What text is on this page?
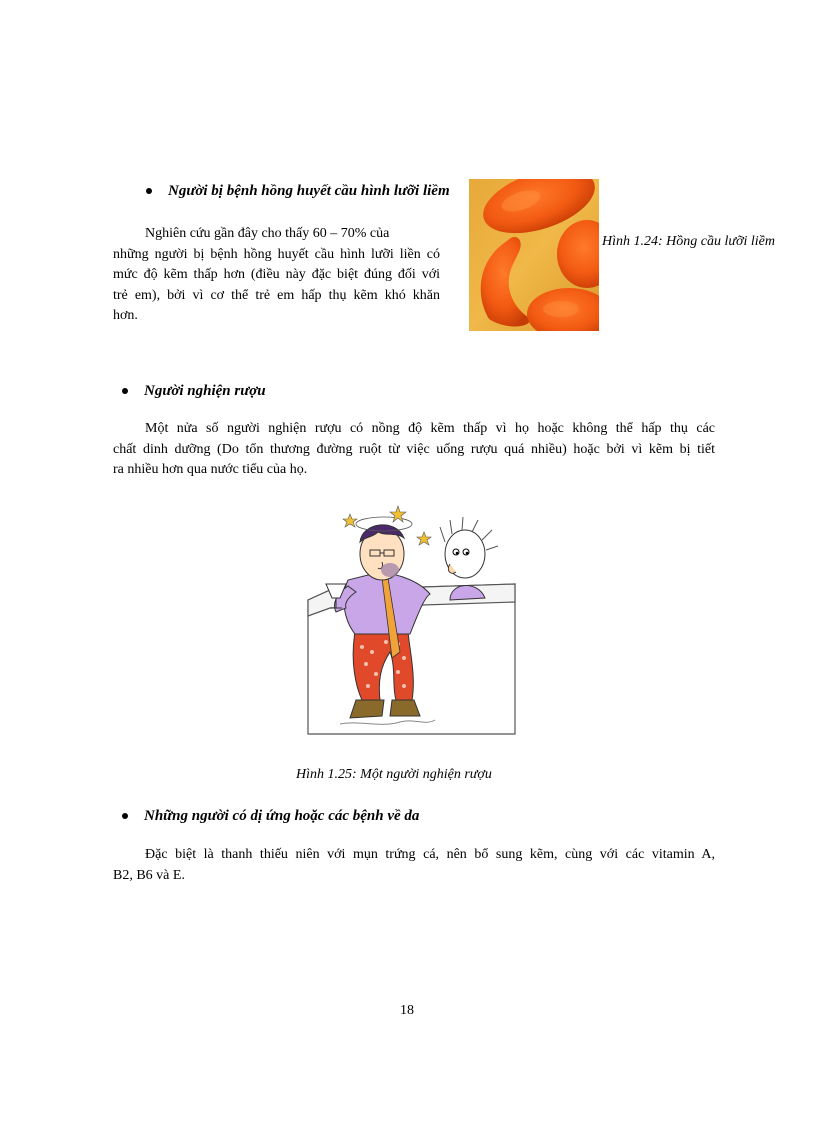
Người bị bệnh hồng huyết cầu hình lưỡi liềm
Nghiên cứu gần đây cho thấy 60 – 70% của
những người bị bệnh hồng huyết cầu hình lưỡi liền có
mức độ kẽm thấp hơn (điều này đặc biệt đúng đối với
trẻ em), bởi vì cơ thể trẻ em hấp thụ kẽm khó khăn
hơn.
Hình 1.24: Hồng cầu lưỡi liềm
Người nghiện rượu
Một nửa số người nghiện rượu có nồng độ kẽm thấp vì họ hoặc không thể hấp thụ các
chất dinh dưỡng (Do tổn thương đường ruột từ việc uống rượu quá nhiều) hoặc bởi vì kẽm bị tiết
ra nhiều hơn qua nước tiểu của họ.
Hình 1.25: Một người nghiện rượu
Những người có dị ứng hoặc các bệnh về da
Đặc biệt là thanh thiếu niên với mụn trứng cá, nên bổ sung kẽm, cùng với các vitamin A,
B2, B6 và E.
18
